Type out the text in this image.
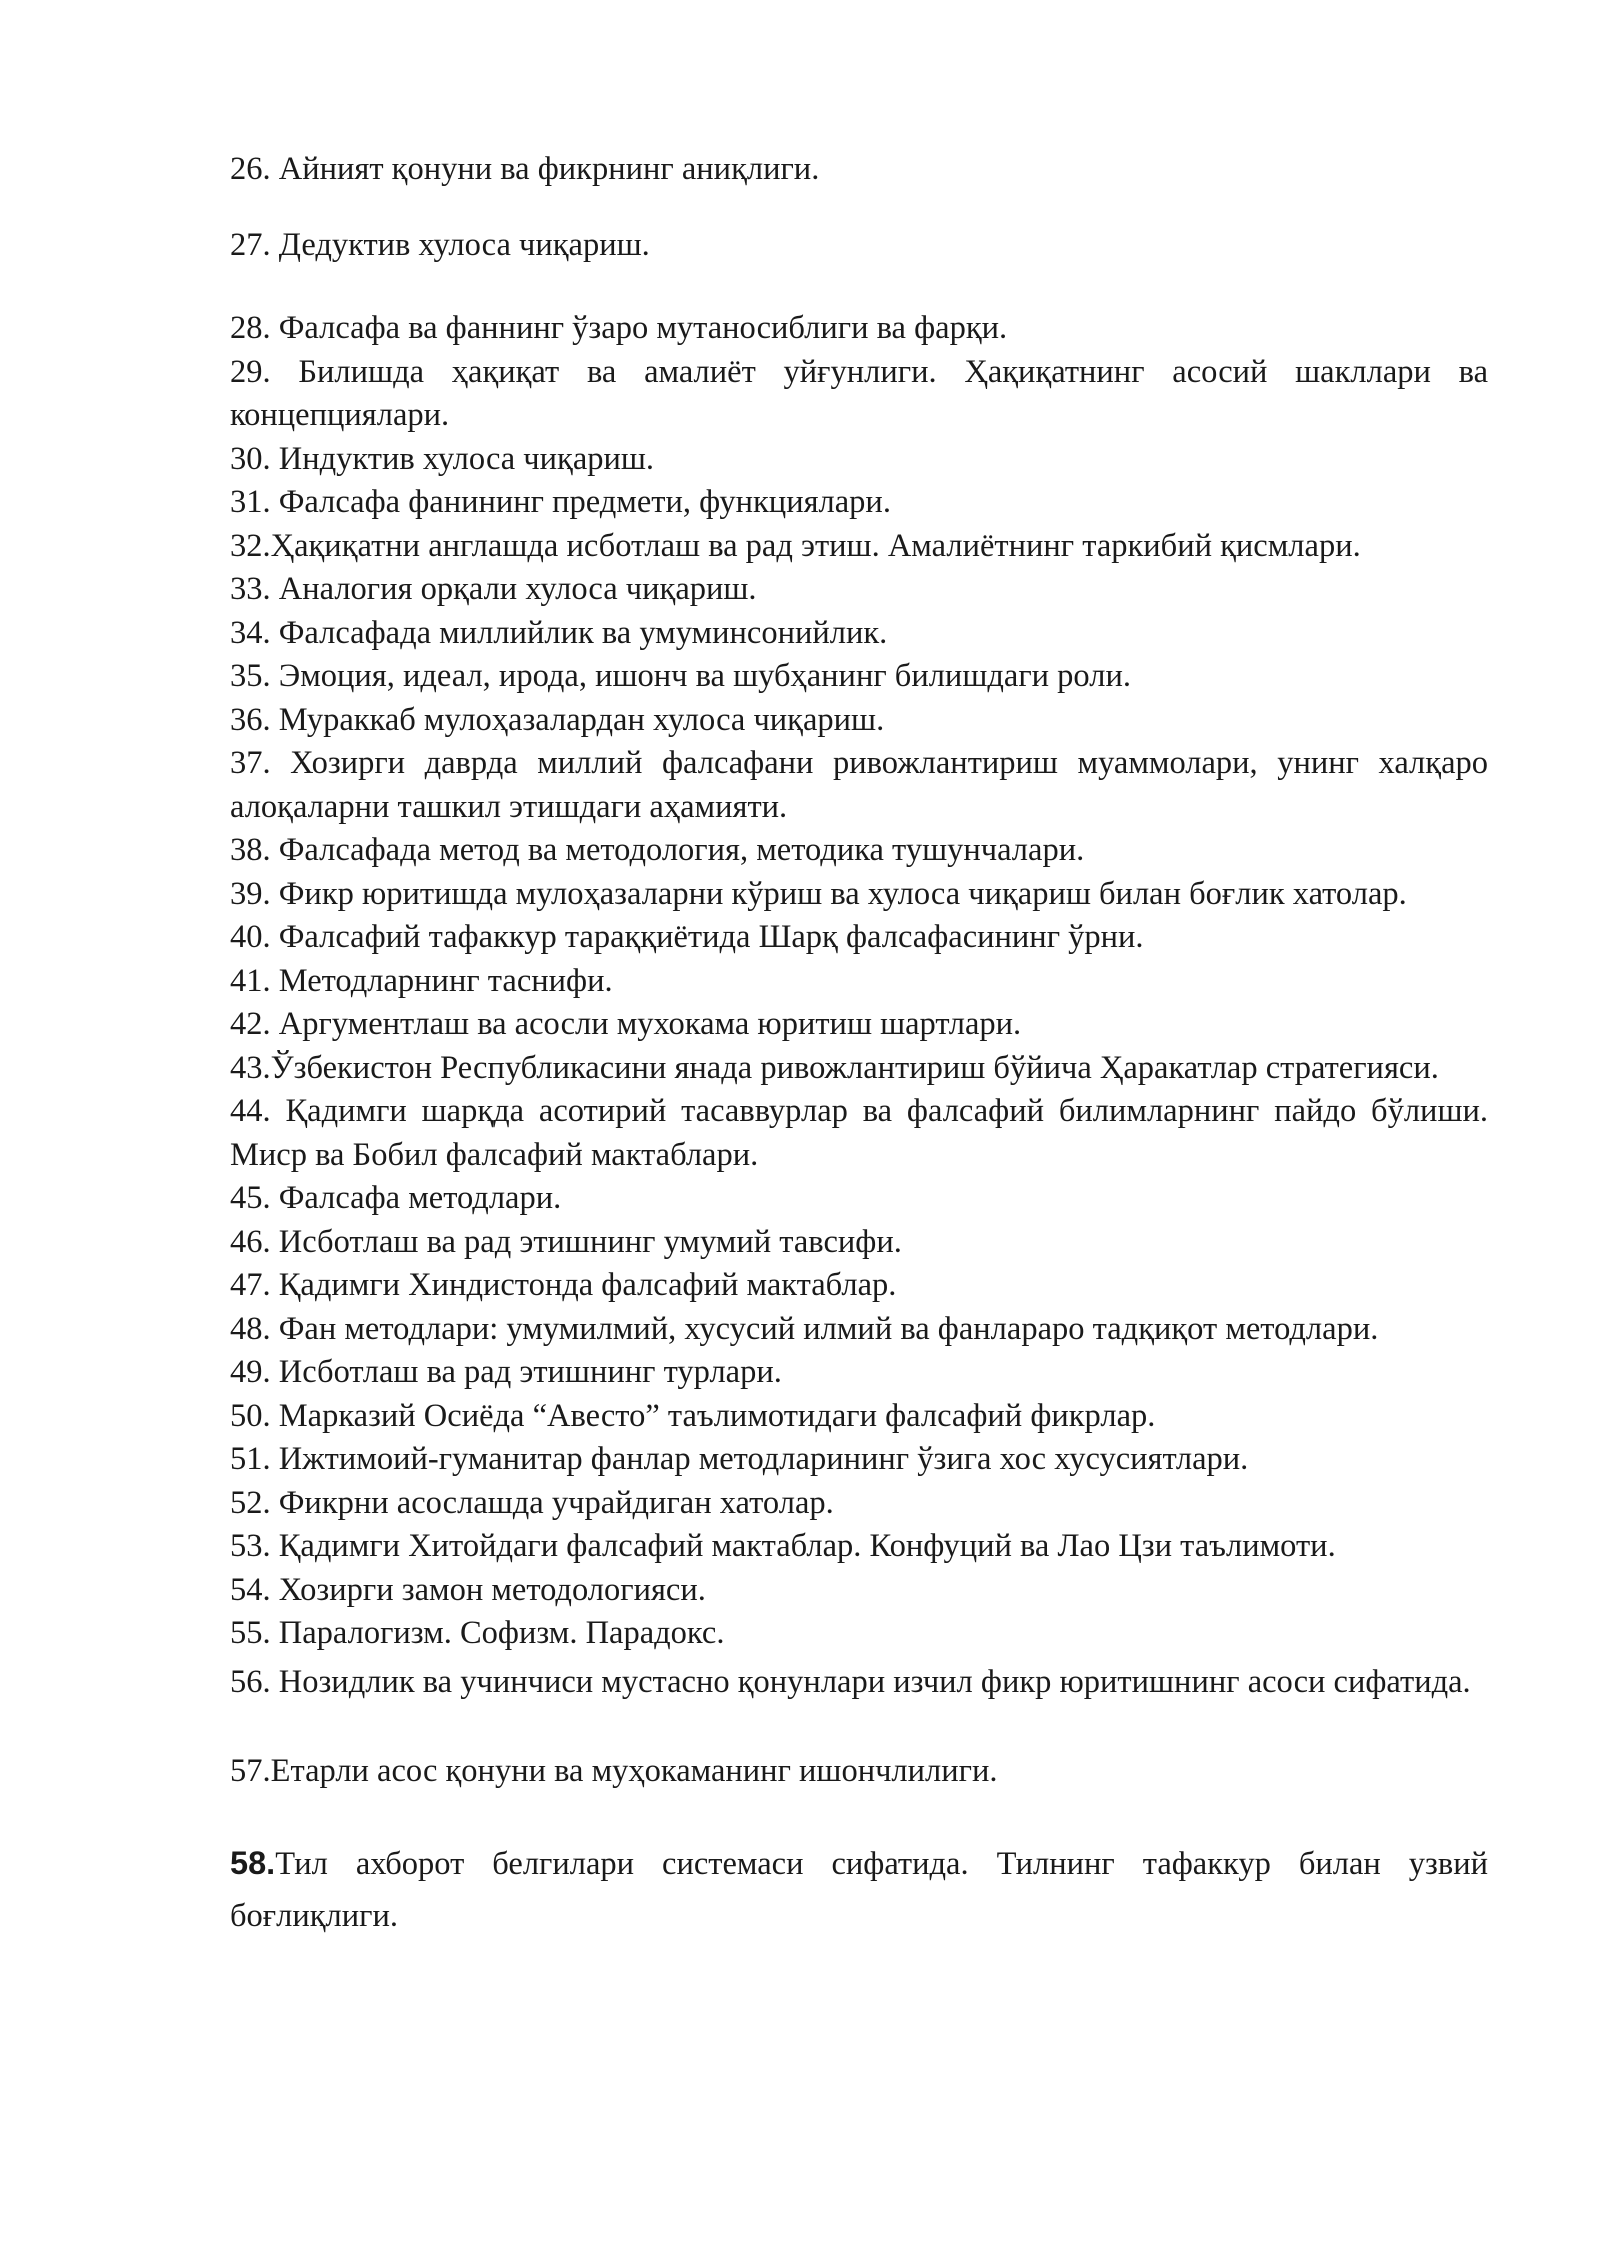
26. Айният қонуни ва фикрнинг аниқлиги.

27. Дедуктив хулоса чиқариш.

28. Фалсафа ва фаннинг ўзаро мутаносиблиги ва фарқи.

29. Билишда ҳақиқат ва амалиёт уйғунлиги. Ҳақиқатнинг асосий шакллари ва концепциялари.

30. Индуктив хулоса чиқариш.

31. Фалсафа фанининг предмети, функциялари.

32.Ҳақиқатни англашда исботлаш ва рад этиш. Амалиётнинг таркибий қисмлари.

33. Аналогия орқали хулоса чиқариш.

34. Фалсафада миллийлик ва умуминсонийлик.

35. Эмоция, идеал, ирода, ишонч ва шубҳанинг билишдаги роли.

36. Мураккаб мулоҳазалардан хулоса чиқариш.

37. Хозирги даврда миллий фалсафани ривожлантириш муаммолари, унинг халқаро алоқаларни ташкил этишдаги аҳамияти.

38. Фалсафада метод ва методология, методика тушунчалари.

39. Фикр юритишда мулоҳазаларни кўриш ва хулоса чиқариш билан боғлик хатолар.

40. Фалсафий тафаккур тараққиётида Шарқ фалсафасининг ўрни.

41. Методларнинг таснифи.

42. Аргументлаш ва асосли мухокама юритиш шартлари.

43.Ўзбекистон Республикасини янада ривожлантириш бўйича Ҳаракатлар стратегияси.

44. Қадимги шарқда асотирий тасаввурлар ва фалсафий билимларнинг пайдо бўлиши. Миср ва Бобил фалсафий мактаблари.

45. Фалсафа методлари.

46. Исботлаш ва рад этишнинг умумий тавсифи.

47. Қадимги Хиндистонда фалсафий мактаблар.

48. Фан методлари: умумилмий, хусусий илмий ва фанлараро тадқиқот методлари.

49. Исботлаш ва рад этишнинг турлари.

50. Марказий Осиёда “Авесто” таълимотидаги фалсафий фикрлар.

51. Ижтимоий-гуманитар фанлар методларининг ўзига хос хусусиятлари.

52. Фикрни асослашда учрайдиган хатолар.

53. Қадимги Хитойдаги фалсафий мактаблар. Конфуций ва Лао Цзи таълимоти.

54. Хозирги замон методологияси.

55. Паралогизм. Софизм. Парадокс.

56. Нозидлик ва учинчиси мустасно қонунлари изчил фикр юритишнинг асоси сифатида.

57.Етарли асос қонуни ва муҳокаманинг ишончлилиги.

58.Тил ахборот белгилари системаси сифатида. Тилнинг тафаккур билан узвий боғлиқлиги.
